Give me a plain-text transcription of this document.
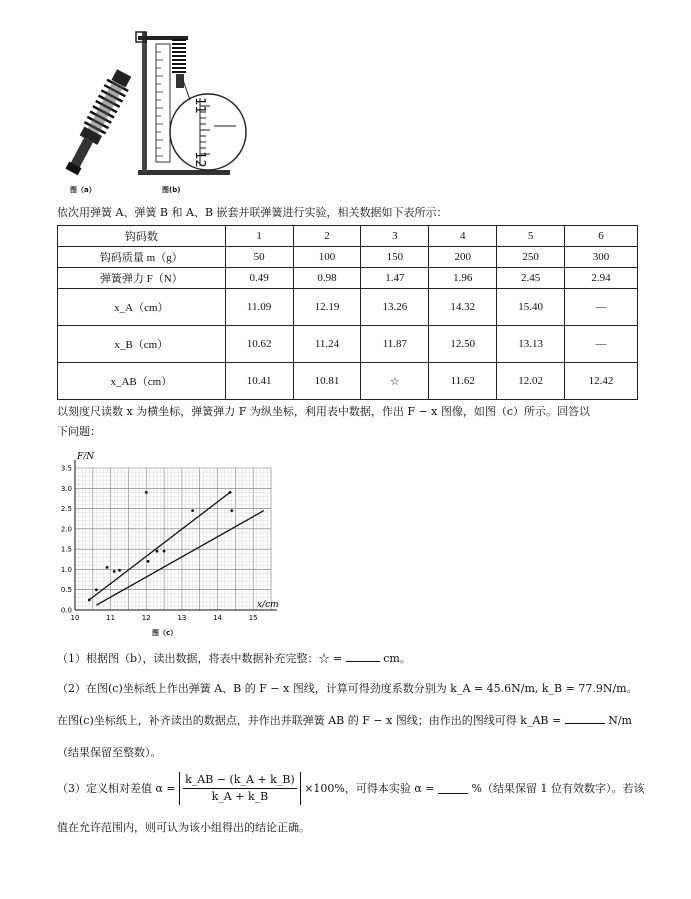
11
12
图（a）	图(b)
依次用弹簧 A、弹簧 B 和 A、B 嵌套并联弹簧进行实验，相关数据如下表所示：
钩码数	1	2	3	4	5	6
钩码质量 m（g）	50	100	150	200	250	300
弹簧弹力 F（N）	0.49	0.98	1.47	1.96	2.45	2.94
x_A（cm）	11.09	12.19	13.26	14.32	15.40	—
x_B（cm）	10.62	11.24	11.87	12.50	13.13	—
x_AB（cm）	10.41	10.81	☆	11.62	12.02	12.42
以刻度尺读数 x 为横坐标，弹簧弹力 F 为纵坐标，利用表中数据，作出 F − x 图像，如图（c）所示。回答以
下问题：
10	11	12	13	14	15
0.0
0.5
1.0
1.5
2.0
2.5
3.0
3.5
F/N
x/cm
图（c）
（1）根据图（b），读出数据，将表中数据补充完整：☆ =	cm。
（2）在图(c)坐标纸上作出弹簧 A、B 的 F − x 图线，计算可得劲度系数分别为 k_A = 45.6N/m, k_B = 77.9N/m。
在图(c)坐标纸上，补齐读出的数据点，并作出并联弹簧 AB 的 F − x 图线；由作出的图线可得 k_AB =	N/m
（结果保留至整数）。
（3）定义相对差值 $\alpha = \frac{k\_AB - (k\_A + k\_B)}{k\_A + k\_B} \times 100\%$，可得本实验 α =	%（结果保留 1 位有效数字）。若该
值在允许范围内，则可认为该小组得出的结论正确。
